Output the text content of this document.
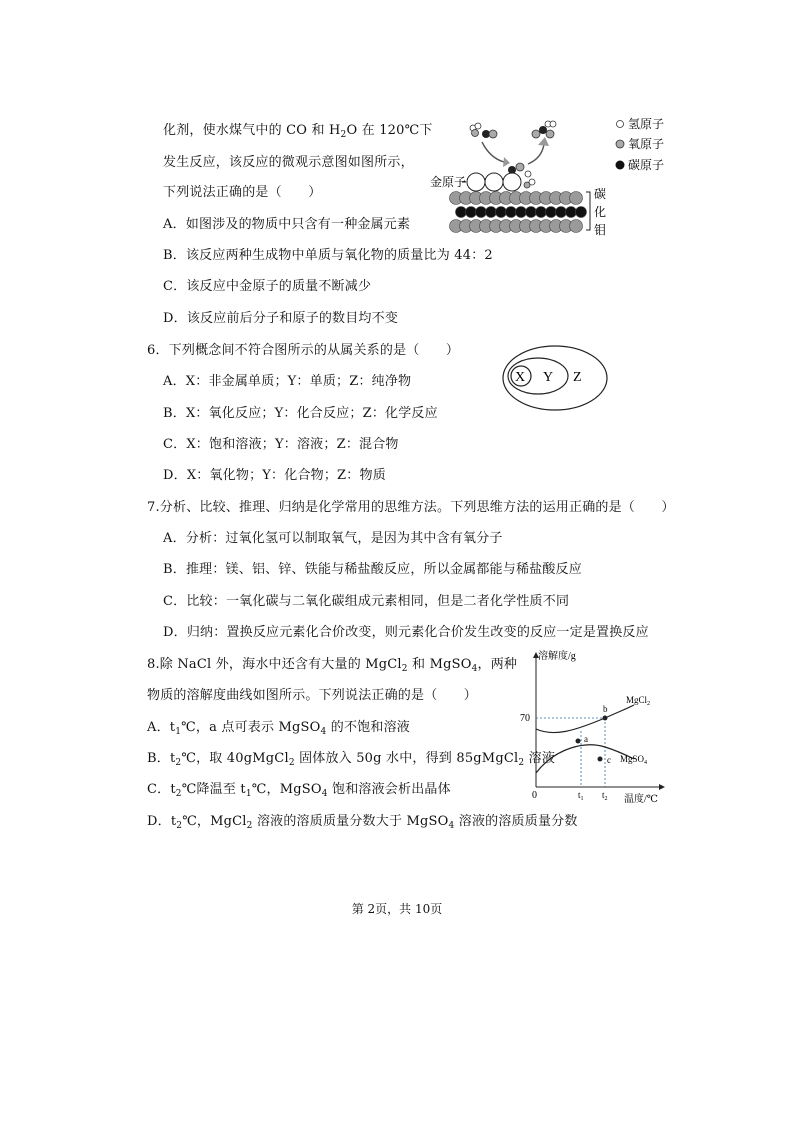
化剂，使水煤气中的 CO 和 $H_2O$ 在 120℃下
发生反应，该反应的微观示意图如图所示，
下列说法正确的是（　　）
A．如图涉及的物质中只含有一种金属元素
B．该反应两种生成物中单质与氧化物的质量比为 44：2
C．该反应中金原子的质量不断减少
D．该反应前后分子和原子的数目均不变
金原子
碳
化
钼
氢原子
氧原子
碳原子
6．下列概念间不符合图所示的从属关系的是（　　）
A．X：非金属单质；Y：单质；Z：纯净物
B．X：氧化反应；Y：化合反应；Z：化学反应
C．X：饱和溶液；Y：溶液；Z：混合物
D．X：氧化物；Y：化合物；Z：物质
X Y Z
7.分析、比较、推理、归纳是化学常用的思维方法。下列思维方法的运用正确的是（　　）
A．分析：过氧化氢可以制取氧气，是因为其中含有氧分子
B．推理：镁、铝、锌、铁能与稀盐酸反应，所以金属都能与稀盐酸反应
C．比较：一氧化碳与二氧化碳组成元素相同，但是二者化学性质不同
D．归纳：置换反应元素化合价改变，则元素化合价发生改变的反应一定是置换反应
8.除 NaCl 外，海水中还含有大量的 MgCl$_2$ 和 MgSO$_4$，两种
物质的溶解度曲线如图所示。下列说法正确的是（　　）
A．$t_1℃$，a 点可表示 MgSO$_4$ 的不饱和溶液
B．$t_2℃$，取 40gMgCl$_2$ 固体放入 50g 水中，得到 85gMgCl$_2$ 溶液
C．$t_2℃$降温至 $t_1℃$，MgSO$_4$ 饱和溶液会析出晶体
D．$t_2℃$，MgCl$_2$ 溶液的溶质质量分数大于 MgSO$_4$ 溶液的溶质质量分数
溶解度/g
温度/℃
0
70
$t_1$ $t_2$
MgCl$_2$
MgSO$_4$
b
a
c
第 2页，共 10页
